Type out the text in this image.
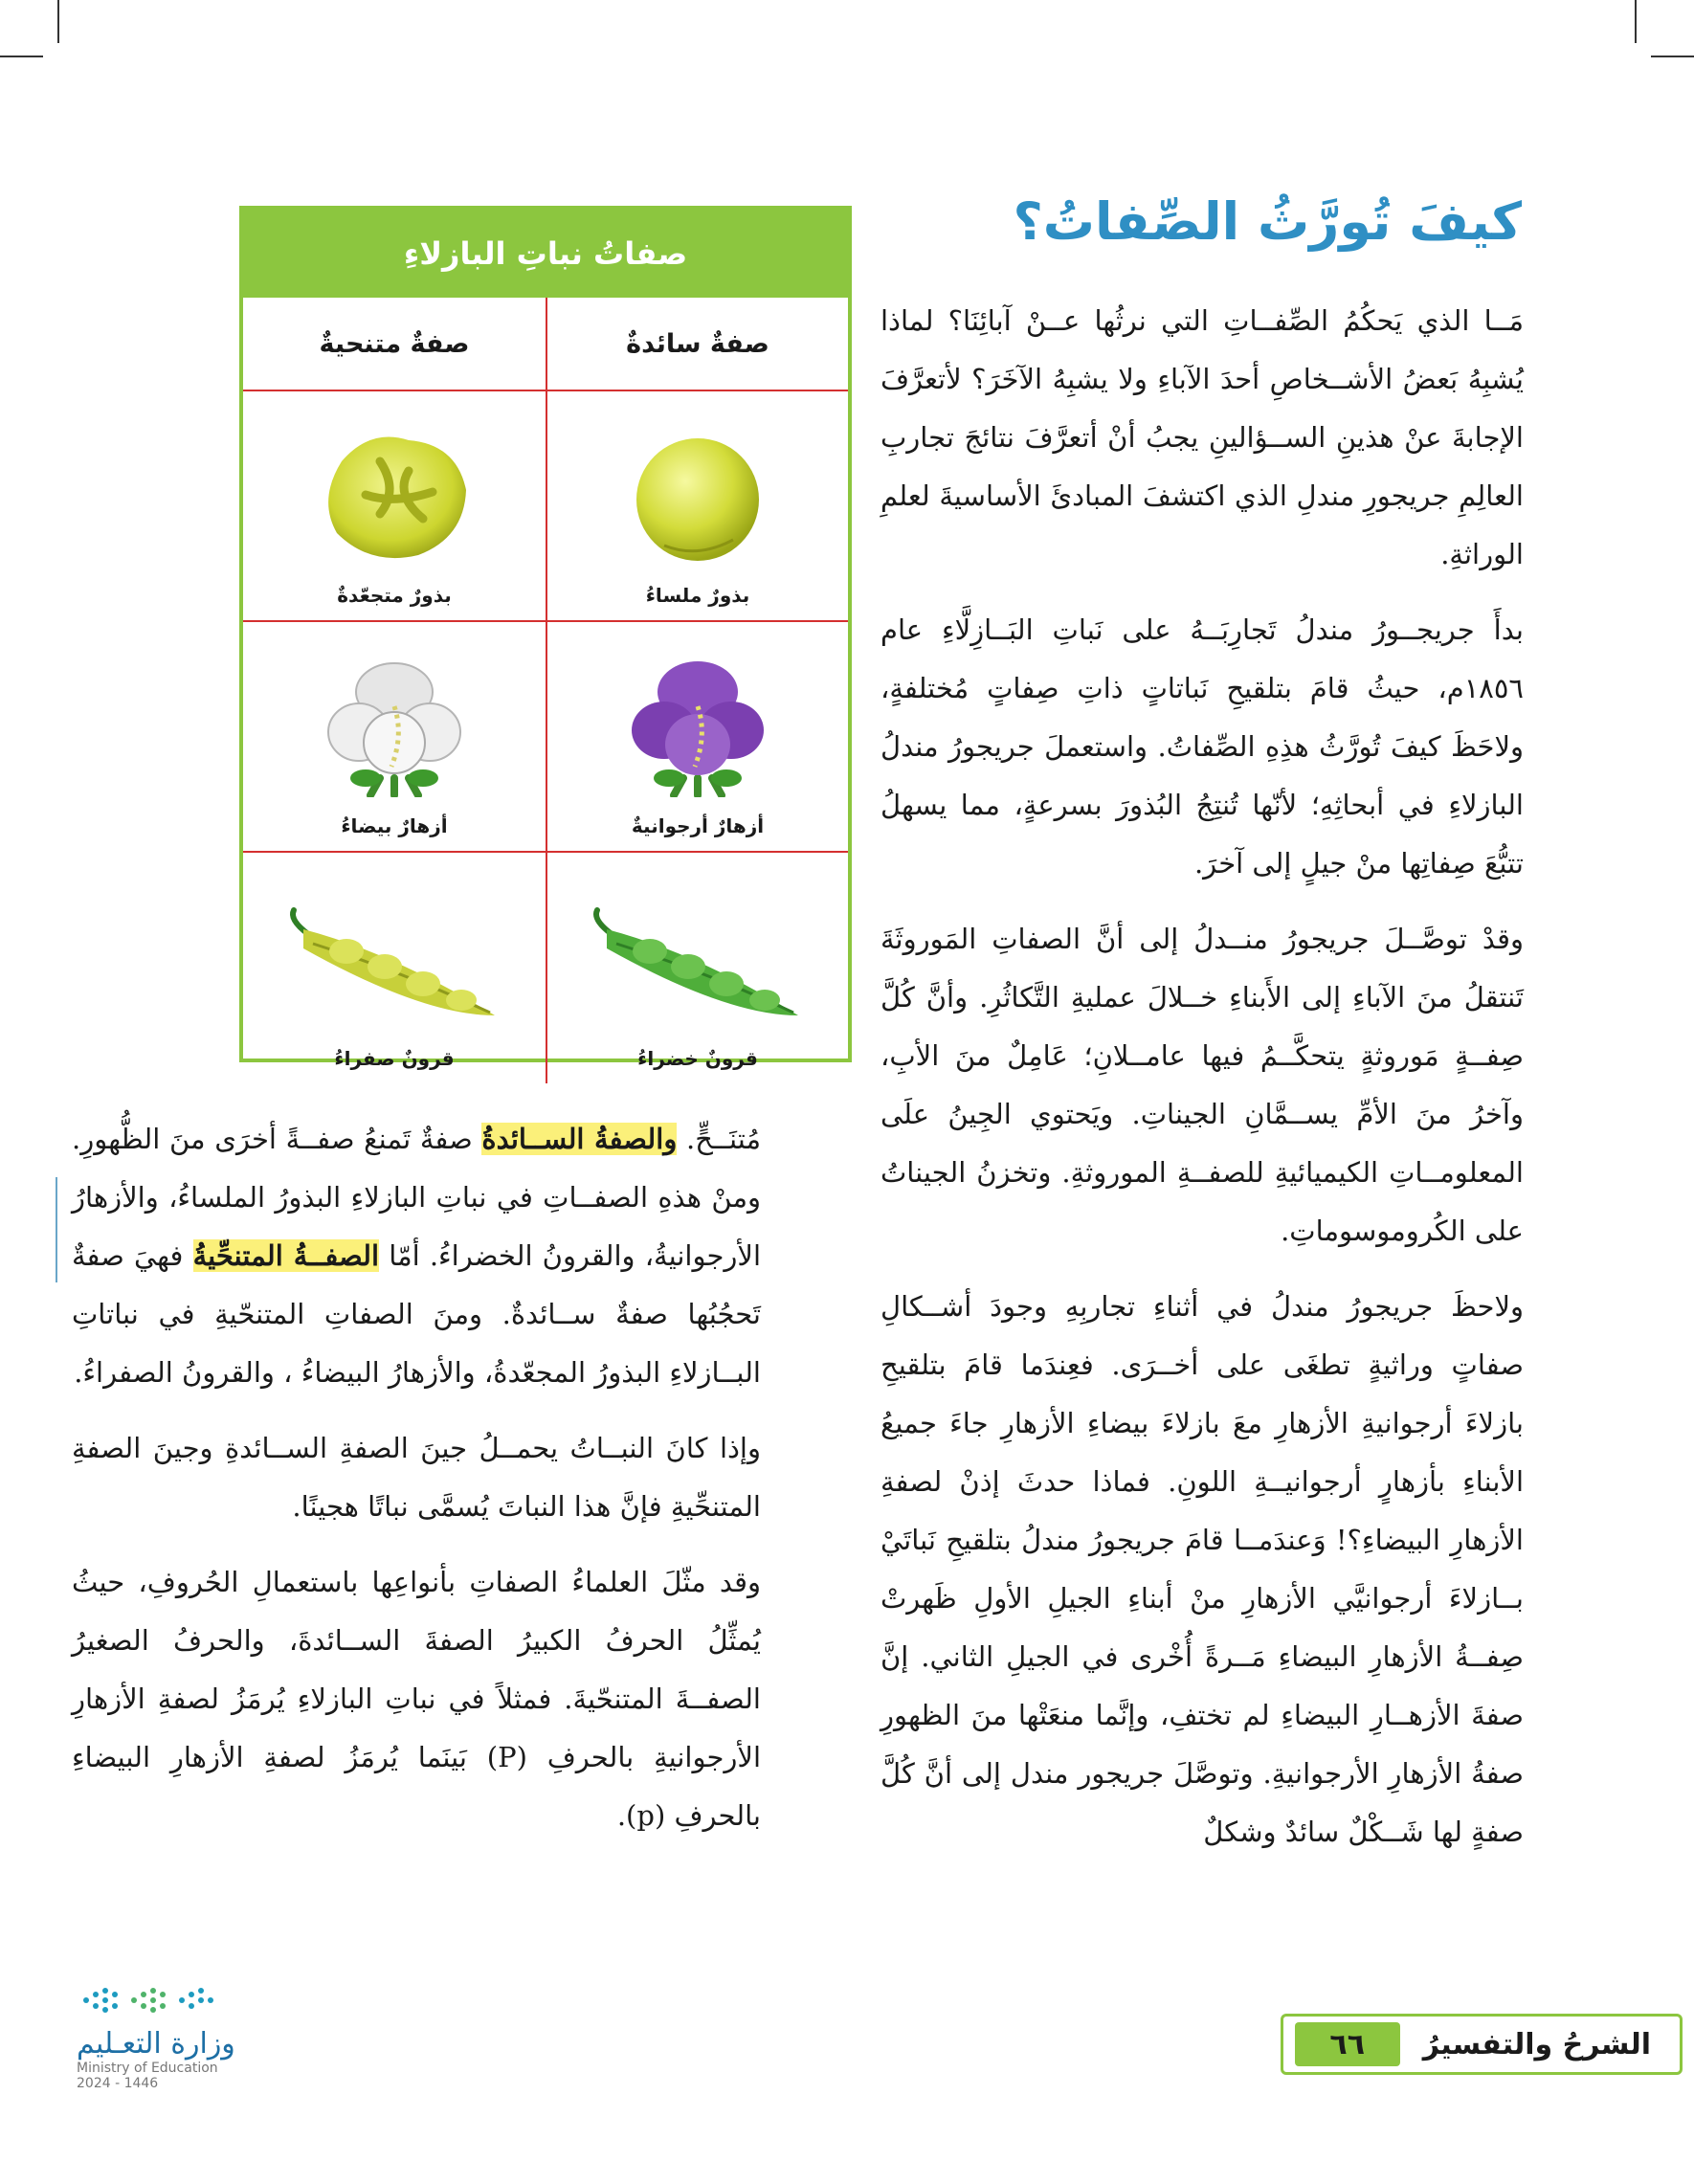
كيفَ تُورَّثُ الصِّفاتُ؟

مَــا الذي يَحكُمُ الصِّفــاتِ التي نرثُها عــنْ آبائِنَا؟ لماذا يُشبِهُ بَعضُ الأشــخاصِ أحدَ الآباءِ ولا يشبِهُ الآخَرَ؟ لأتعرَّفَ الإجابةَ عنْ هذينِ الســؤالينِ يجبُ أنْ أتعرَّفَ نتائجَ تجاربِ العالِمِ جريجورِ مندلِ الذي اكتشفَ المبادئَ الأساسيةَ لعلمِ الوراثةِ.

بدأَ جريجــورُ مندلُ تَجارِبَــهُ على نَباتِ البَــازِلَّاءِ عام ١٨٥٦م، حيثُ قامَ بتلقيحِ نَباتاتٍ ذاتِ صِفاتٍ مُختلفةٍ، ولاحَظَ كيفَ تُورَّثُ هذِهِ الصِّفاتُ. واستعملَ جريجورُ مندلُ البازلاءِ في أبحاثِهِ؛ لأنّها تُنتِجُ البُذورَ بسرعةٍ، مما يسهلُ تتبُّعَ صِفاتِها منْ جيلٍ إلى آخرَ.

وقدْ توصَّــلَ جريجورُ منــدلُ إلى أنَّ الصفاتِ المَوروثَةَ تَنتقلُ منَ الآباءِ إلى الأَبناءِ خــلالَ عمليةِ التَّكاثُرِ. وأنَّ كُلَّ صِفــةٍ مَوروثةٍ يتحكَّــمُ فيها عامــلانِ؛ عَامِلٌ منَ الأبِ، وآخرُ منَ الأمِّ يســمَّانِ الجيناتِ. ويَحتوي الجِينُ علَى المعلومــاتِ الكيميائيةِ للصفــةِ الموروثةِ. وتخزنُ الجيناتُ على الكُروموسوماتِ.

ولاحظَ جريجورُ مندلُ في أثناءِ تجاربِهِ وجودَ أشــكالِ صفاتٍ وراثيةٍ تطغَى على أخــرَى. فعِندَما قامَ بتلقيحِ بازلاءَ أرجوانيةِ الأزهارِ معَ بازلاءَ بيضاءِ الأزهارِ جاءَ جميعُ الأبناءِ بأزهارٍ أرجوانيــةِ اللونِ. فماذا حدثَ إذنْ لصفةِ الأزهارِ البيضاءِ؟! وَعندَمــا قامَ جريجورُ مندلُ بتلقيحِ نَباتَيْ بــازلاءَ أرجوانيَّي الأزهارِ منْ أبناءِ الجيلِ الأولِ ظَهرتْ صِفــةُ الأزهارِ البيضاءِ مَــرةً أُخْرى في الجيلِ الثاني. إنَّ صفةَ الأزهــارِ البيضاءِ لم تختفِ، وإنَّما منعَتْها منَ الظهورِ صفةُ الأزهارِ الأرجوانيةِ. وتوصَّلَ جريجور مندل إلى أنَّ كُلَّ صفةٍ لها شَــكْلٌ سائدٌ وشكلٌ

صفاتُ نباتِ البازلاءِ
صفةٌ سائدةٌ
صفةٌ متنحيةٌ
بذورٌ ملساءُ
بذورٌ متجعّدةٌ
أزهارٌ أرجوانيةٌ
أزهارٌ بيضاءُ
قرونٌ خضراءُ
قرونٌ صفراءُ

مُتنَــحٍّ. والصفةُ الســائدةُ صفةٌ تَمنعُ صفــةً أخرَى منَ الظُّهورِ. ومنْ هذهِ الصفــاتِ في نباتِ البازلاءِ البذورُ الملساءُ، والأزهارُ الأرجوانيةُ، والقرونُ الخضراءُ. أمّا الصفــةُ المتنحِّيةُ فهيَ صفةٌ تَحجُبُها صفةٌ ســائدةٌ. ومنَ الصفاتِ المتنحّيةِ في نباتاتِ البــازلاءِ البذورُ المجعّدةُ، والأزهارُ البيضاءُ ، والقرونُ الصفراءُ.

وإذا كانَ النبــاتُ يحمــلُ جينَ الصفةِ الســائدةِ وجينَ الصفةِ المتنحِّيةِ فإنَّ هذا النباتَ يُسمَّى نباتًا هجينًا.

وقد مثّلَ العلماءُ الصفاتِ بأنواعِها باستعمالِ الحُروفِ، حيثُ يُمثِّلُ الحرفُ الكبيرُ الصفةَ الســائدةَ، والحرفُ الصغيرُ الصفــةَ المتنحّيةَ. فمثلاً في نباتِ البازلاءِ يُرمَزُ لصفةِ الأزهارِ الأرجوانيةِ بالحرفِ (P) بَينَما يُرمَزُ لصفةِ الأزهارِ البيضاءِ بالحرفِ (p).

الشرحُ والتفسيرُ
٦٦
وزارة التعـليم
Ministry of Education
2024 - 1446
